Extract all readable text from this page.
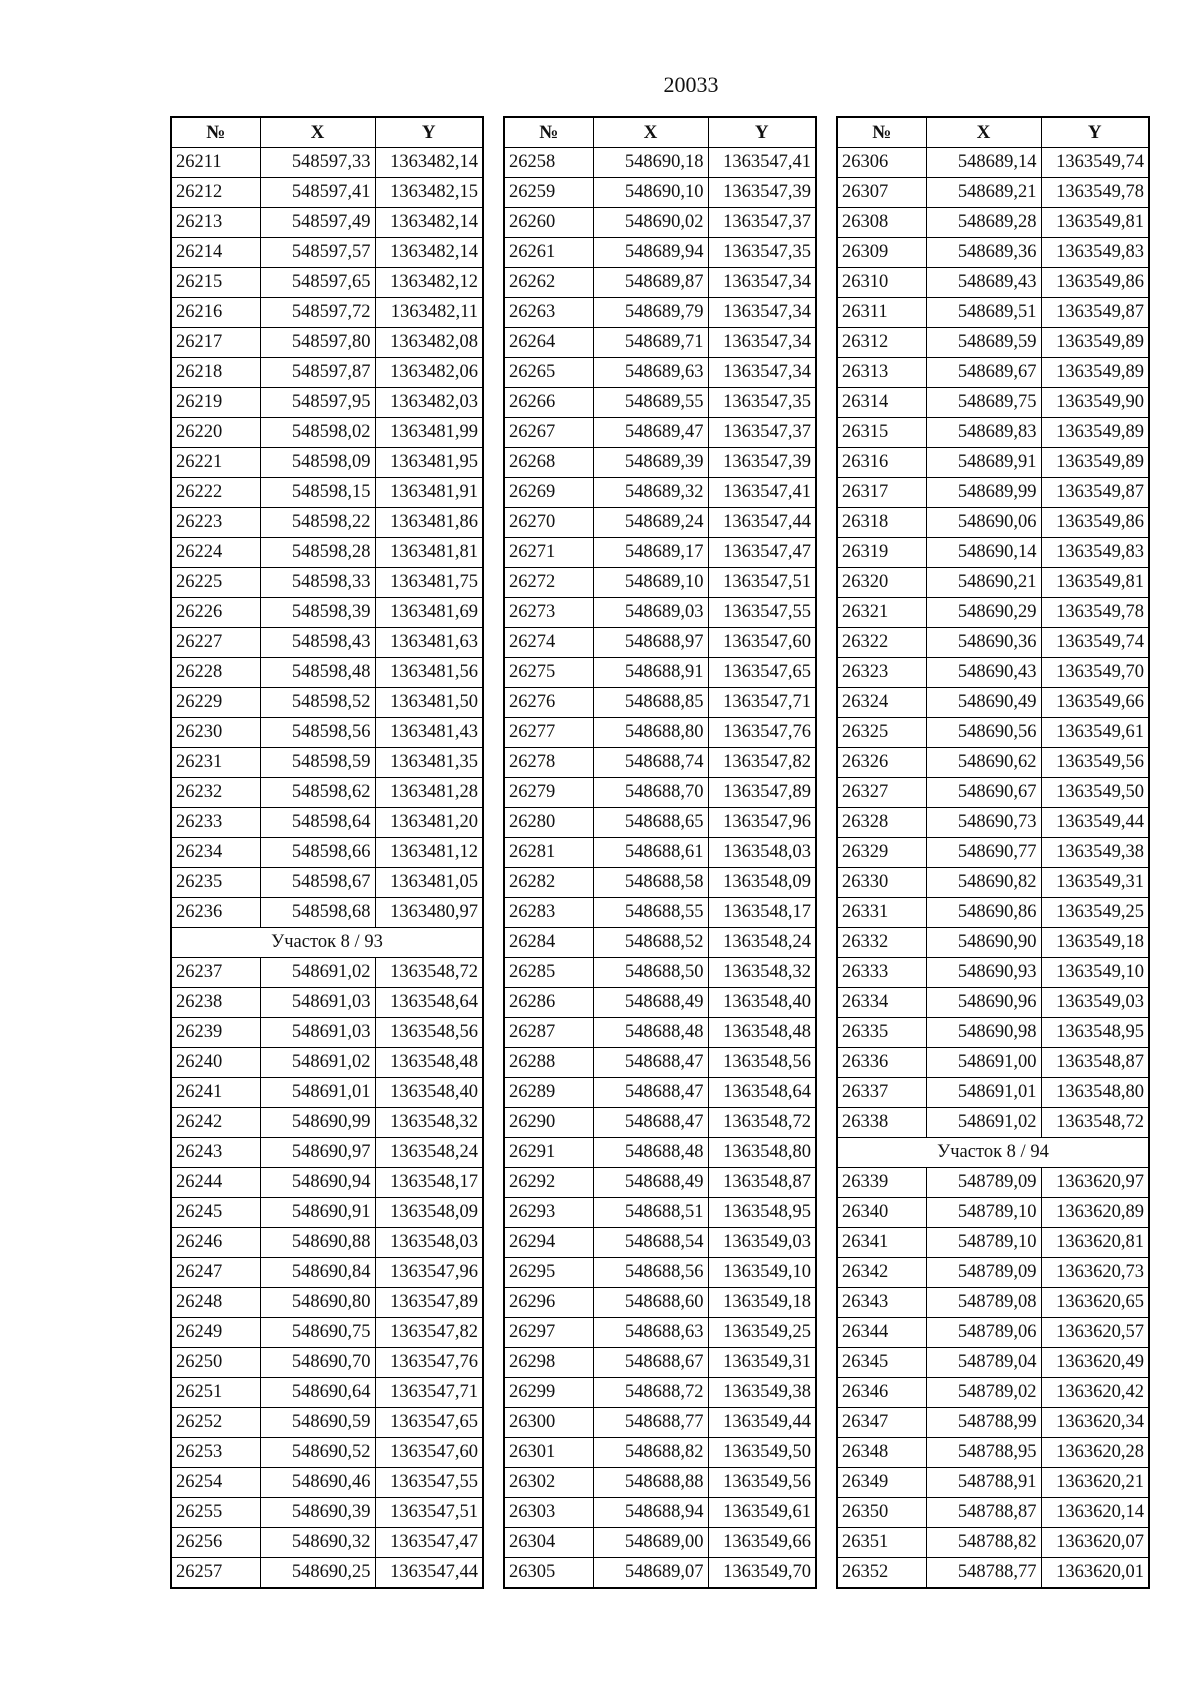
20033
№	X	Y
26211	548597,33	1363482,14
26212	548597,41	1363482,15
26213	548597,49	1363482,14
26214	548597,57	1363482,14
26215	548597,65	1363482,12
26216	548597,72	1363482,11
26217	548597,80	1363482,08
26218	548597,87	1363482,06
26219	548597,95	1363482,03
26220	548598,02	1363481,99
26221	548598,09	1363481,95
26222	548598,15	1363481,91
26223	548598,22	1363481,86
26224	548598,28	1363481,81
26225	548598,33	1363481,75
26226	548598,39	1363481,69
26227	548598,43	1363481,63
26228	548598,48	1363481,56
26229	548598,52	1363481,50
26230	548598,56	1363481,43
26231	548598,59	1363481,35
26232	548598,62	1363481,28
26233	548598,64	1363481,20
26234	548598,66	1363481,12
26235	548598,67	1363481,05
26236	548598,68	1363480,97
Участок 8 / 93		
26237	548691,02	1363548,72
26238	548691,03	1363548,64
26239	548691,03	1363548,56
26240	548691,02	1363548,48
26241	548691,01	1363548,40
26242	548690,99	1363548,32
26243	548690,97	1363548,24
26244	548690,94	1363548,17
26245	548690,91	1363548,09
26246	548690,88	1363548,03
26247	548690,84	1363547,96
26248	548690,80	1363547,89
26249	548690,75	1363547,82
26250	548690,70	1363547,76
26251	548690,64	1363547,71
26252	548690,59	1363547,65
26253	548690,52	1363547,60
26254	548690,46	1363547,55
26255	548690,39	1363547,51
26256	548690,32	1363547,47
26257	548690,25	1363547,44
№	X	Y
26258	548690,18	1363547,41
26259	548690,10	1363547,39
26260	548690,02	1363547,37
26261	548689,94	1363547,35
26262	548689,87	1363547,34
26263	548689,79	1363547,34
26264	548689,71	1363547,34
26265	548689,63	1363547,34
26266	548689,55	1363547,35
26267	548689,47	1363547,37
26268	548689,39	1363547,39
26269	548689,32	1363547,41
26270	548689,24	1363547,44
26271	548689,17	1363547,47
26272	548689,10	1363547,51
26273	548689,03	1363547,55
26274	548688,97	1363547,60
26275	548688,91	1363547,65
26276	548688,85	1363547,71
26277	548688,80	1363547,76
26278	548688,74	1363547,82
26279	548688,70	1363547,89
26280	548688,65	1363547,96
26281	548688,61	1363548,03
26282	548688,58	1363548,09
26283	548688,55	1363548,17
26284	548688,52	1363548,24
26285	548688,50	1363548,32
26286	548688,49	1363548,40
26287	548688,48	1363548,48
26288	548688,47	1363548,56
26289	548688,47	1363548,64
26290	548688,47	1363548,72
26291	548688,48	1363548,80
26292	548688,49	1363548,87
26293	548688,51	1363548,95
26294	548688,54	1363549,03
26295	548688,56	1363549,10
26296	548688,60	1363549,18
26297	548688,63	1363549,25
26298	548688,67	1363549,31
26299	548688,72	1363549,38
26300	548688,77	1363549,44
26301	548688,82	1363549,50
26302	548688,88	1363549,56
26303	548688,94	1363549,61
26304	548689,00	1363549,66
26305	548689,07	1363549,70
№	X	Y
26306	548689,14	1363549,74
26307	548689,21	1363549,78
26308	548689,28	1363549,81
26309	548689,36	1363549,83
26310	548689,43	1363549,86
26311	548689,51	1363549,87
26312	548689,59	1363549,89
26313	548689,67	1363549,89
26314	548689,75	1363549,90
26315	548689,83	1363549,89
26316	548689,91	1363549,89
26317	548689,99	1363549,87
26318	548690,06	1363549,86
26319	548690,14	1363549,83
26320	548690,21	1363549,81
26321	548690,29	1363549,78
26322	548690,36	1363549,74
26323	548690,43	1363549,70
26324	548690,49	1363549,66
26325	548690,56	1363549,61
26326	548690,62	1363549,56
26327	548690,67	1363549,50
26328	548690,73	1363549,44
26329	548690,77	1363549,38
26330	548690,82	1363549,31
26331	548690,86	1363549,25
26332	548690,90	1363549,18
26333	548690,93	1363549,10
26334	548690,96	1363549,03
26335	548690,98	1363548,95
26336	548691,00	1363548,87
26337	548691,01	1363548,80
26338	548691,02	1363548,72
Участок 8 / 94		
26339	548789,09	1363620,97
26340	548789,10	1363620,89
26341	548789,10	1363620,81
26342	548789,09	1363620,73
26343	548789,08	1363620,65
26344	548789,06	1363620,57
26345	548789,04	1363620,49
26346	548789,02	1363620,42
26347	548788,99	1363620,34
26348	548788,95	1363620,28
26349	548788,91	1363620,21
26350	548788,87	1363620,14
26351	548788,82	1363620,07
26352	548788,77	1363620,01
